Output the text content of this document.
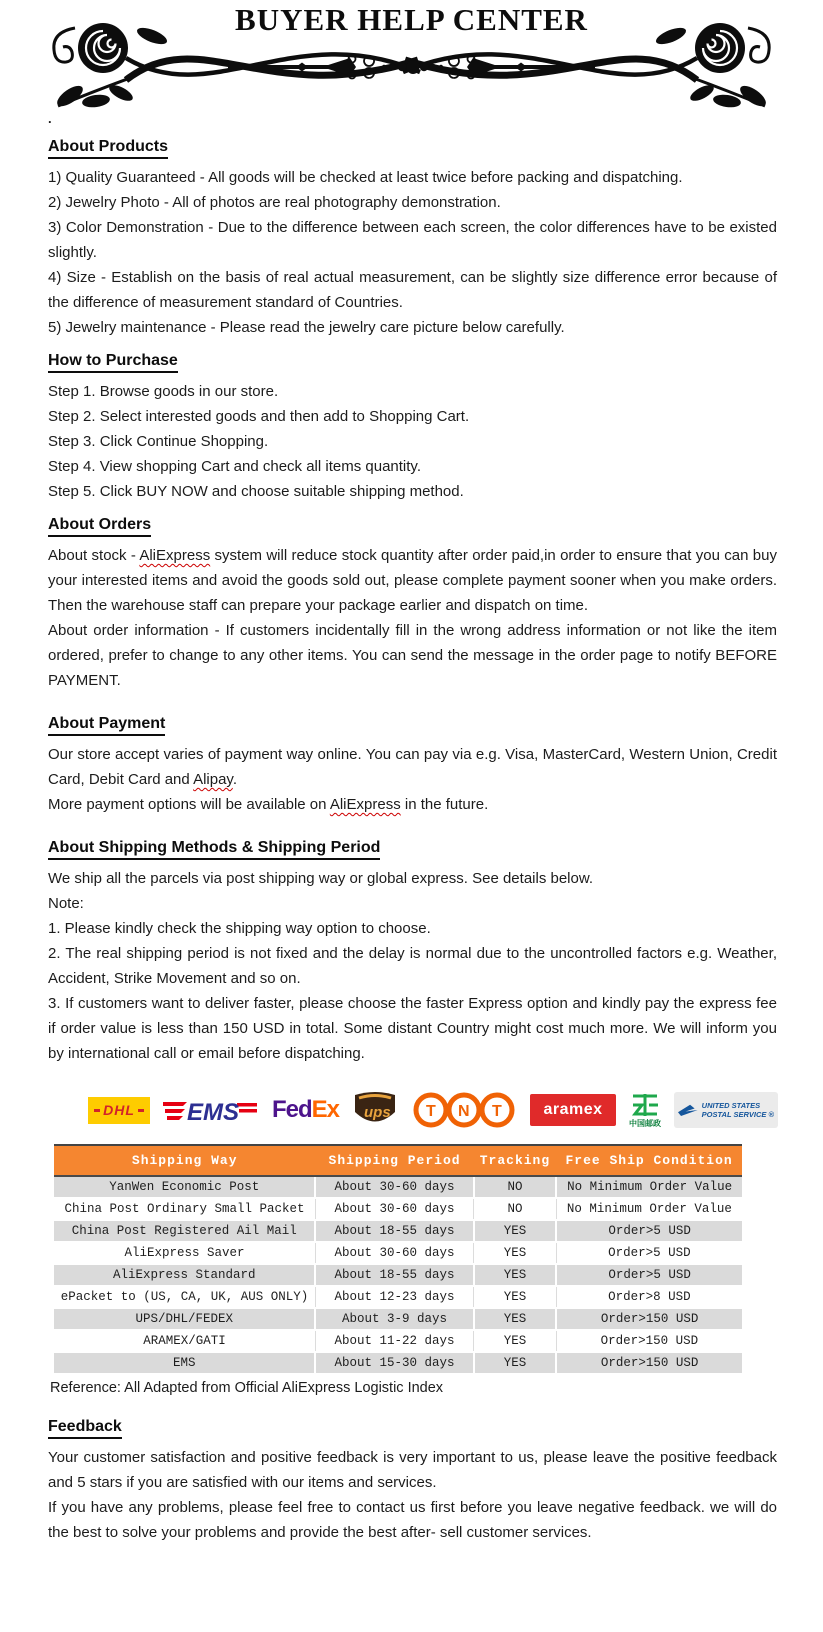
BUYER HELP CENTER
.
About Products

1) Quality Guaranteed - All goods will be checked at least twice before packing and dispatching.

2) Jewelry Photo - All of photos are real photography demonstration.

3) Color Demonstration - Due to the difference between each screen, the color differences have to be existed slightly.

4) Size - Establish on the basis of real actual measurement, can be slightly size difference error because of the difference of measurement standard of Countries.

5) Jewelry maintenance - Please read the jewelry care picture below carefully.

How to Purchase

Step 1. Browse goods in our store.

Step 2. Select interested goods and then add to Shopping Cart.

Step 3. Click Continue Shopping.

Step 4. View shopping Cart and check all items quantity.

Step 5. Click BUY NOW and choose suitable shipping method.

About Orders

About stock - AliExpress system will reduce stock quantity after order paid,in order to ensure that you can buy your interested items and avoid the goods sold out, please complete payment sooner when you make orders. Then the warehouse staff can prepare your package earlier and dispatch on time.

About order information - If customers incidentally fill in the wrong address information or not like the item ordered, prefer to change to any other items. You can send the message in the order page to notify BEFORE PAYMENT.

About Payment

Our store accept varies of payment way online. You can pay via e.g. Visa, MasterCard, Western Union, Credit Card, Debit Card and Alipay.

More payment options will be available on AliExpress in the future.

About Shipping Methods & Shipping Period

We ship all the parcels via post shipping way or global express. See details below.

Note:

1. Please kindly check the shipping way option to choose.

2. The real shipping period is not fixed and the delay is normal due to the uncontrolled factors e.g. Weather, Accident, Strike Movement and so on.

3. If customers want to deliver faster, please choose the faster Express option and kindly pay the express fee if order value is less than 150 USD in total. Some distant Country might cost much more. We will inform you by international call or email before dispatching.

DHL EMS Fed Ex ups T N T	aramex
中国邮政
UNITED STATES
POSTAL SERVICE ®
Shipping Way	Shipping Period	Tracking	Free Ship Condition
YanWen Economic Post	About 30-60 days	NO	No Minimum Order Value
China Post Ordinary Small Packet	About 30-60 days	NO	No Minimum Order Value
China Post Registered Ail Mail	About 18-55 days	YES	Order>5 USD
AliExpress Saver	About 30-60 days	YES	Order>5 USD
AliExpress Standard	About 18-55 days	YES	Order>5 USD
ePacket to (US, CA, UK, AUS ONLY)	About 12-23 days	YES	Order>8 USD
UPS/DHL/FEDEX	About 3-9 days	YES	Order>150 USD
ARAMEX/GATI	About 11-22 days	YES	Order>150 USD
EMS	About 15-30 days	YES	Order>150 USD

Reference: All Adapted from Official AliExpress Logistic Index

Feedback

Your customer satisfaction and positive feedback is very important to us, please leave the positive feedback and 5 stars if you are satisfied with our items and services.

If you have any problems, please feel free to contact us first before you leave negative feedback. we will do the best to solve your problems and provide the best after- sell customer services.
